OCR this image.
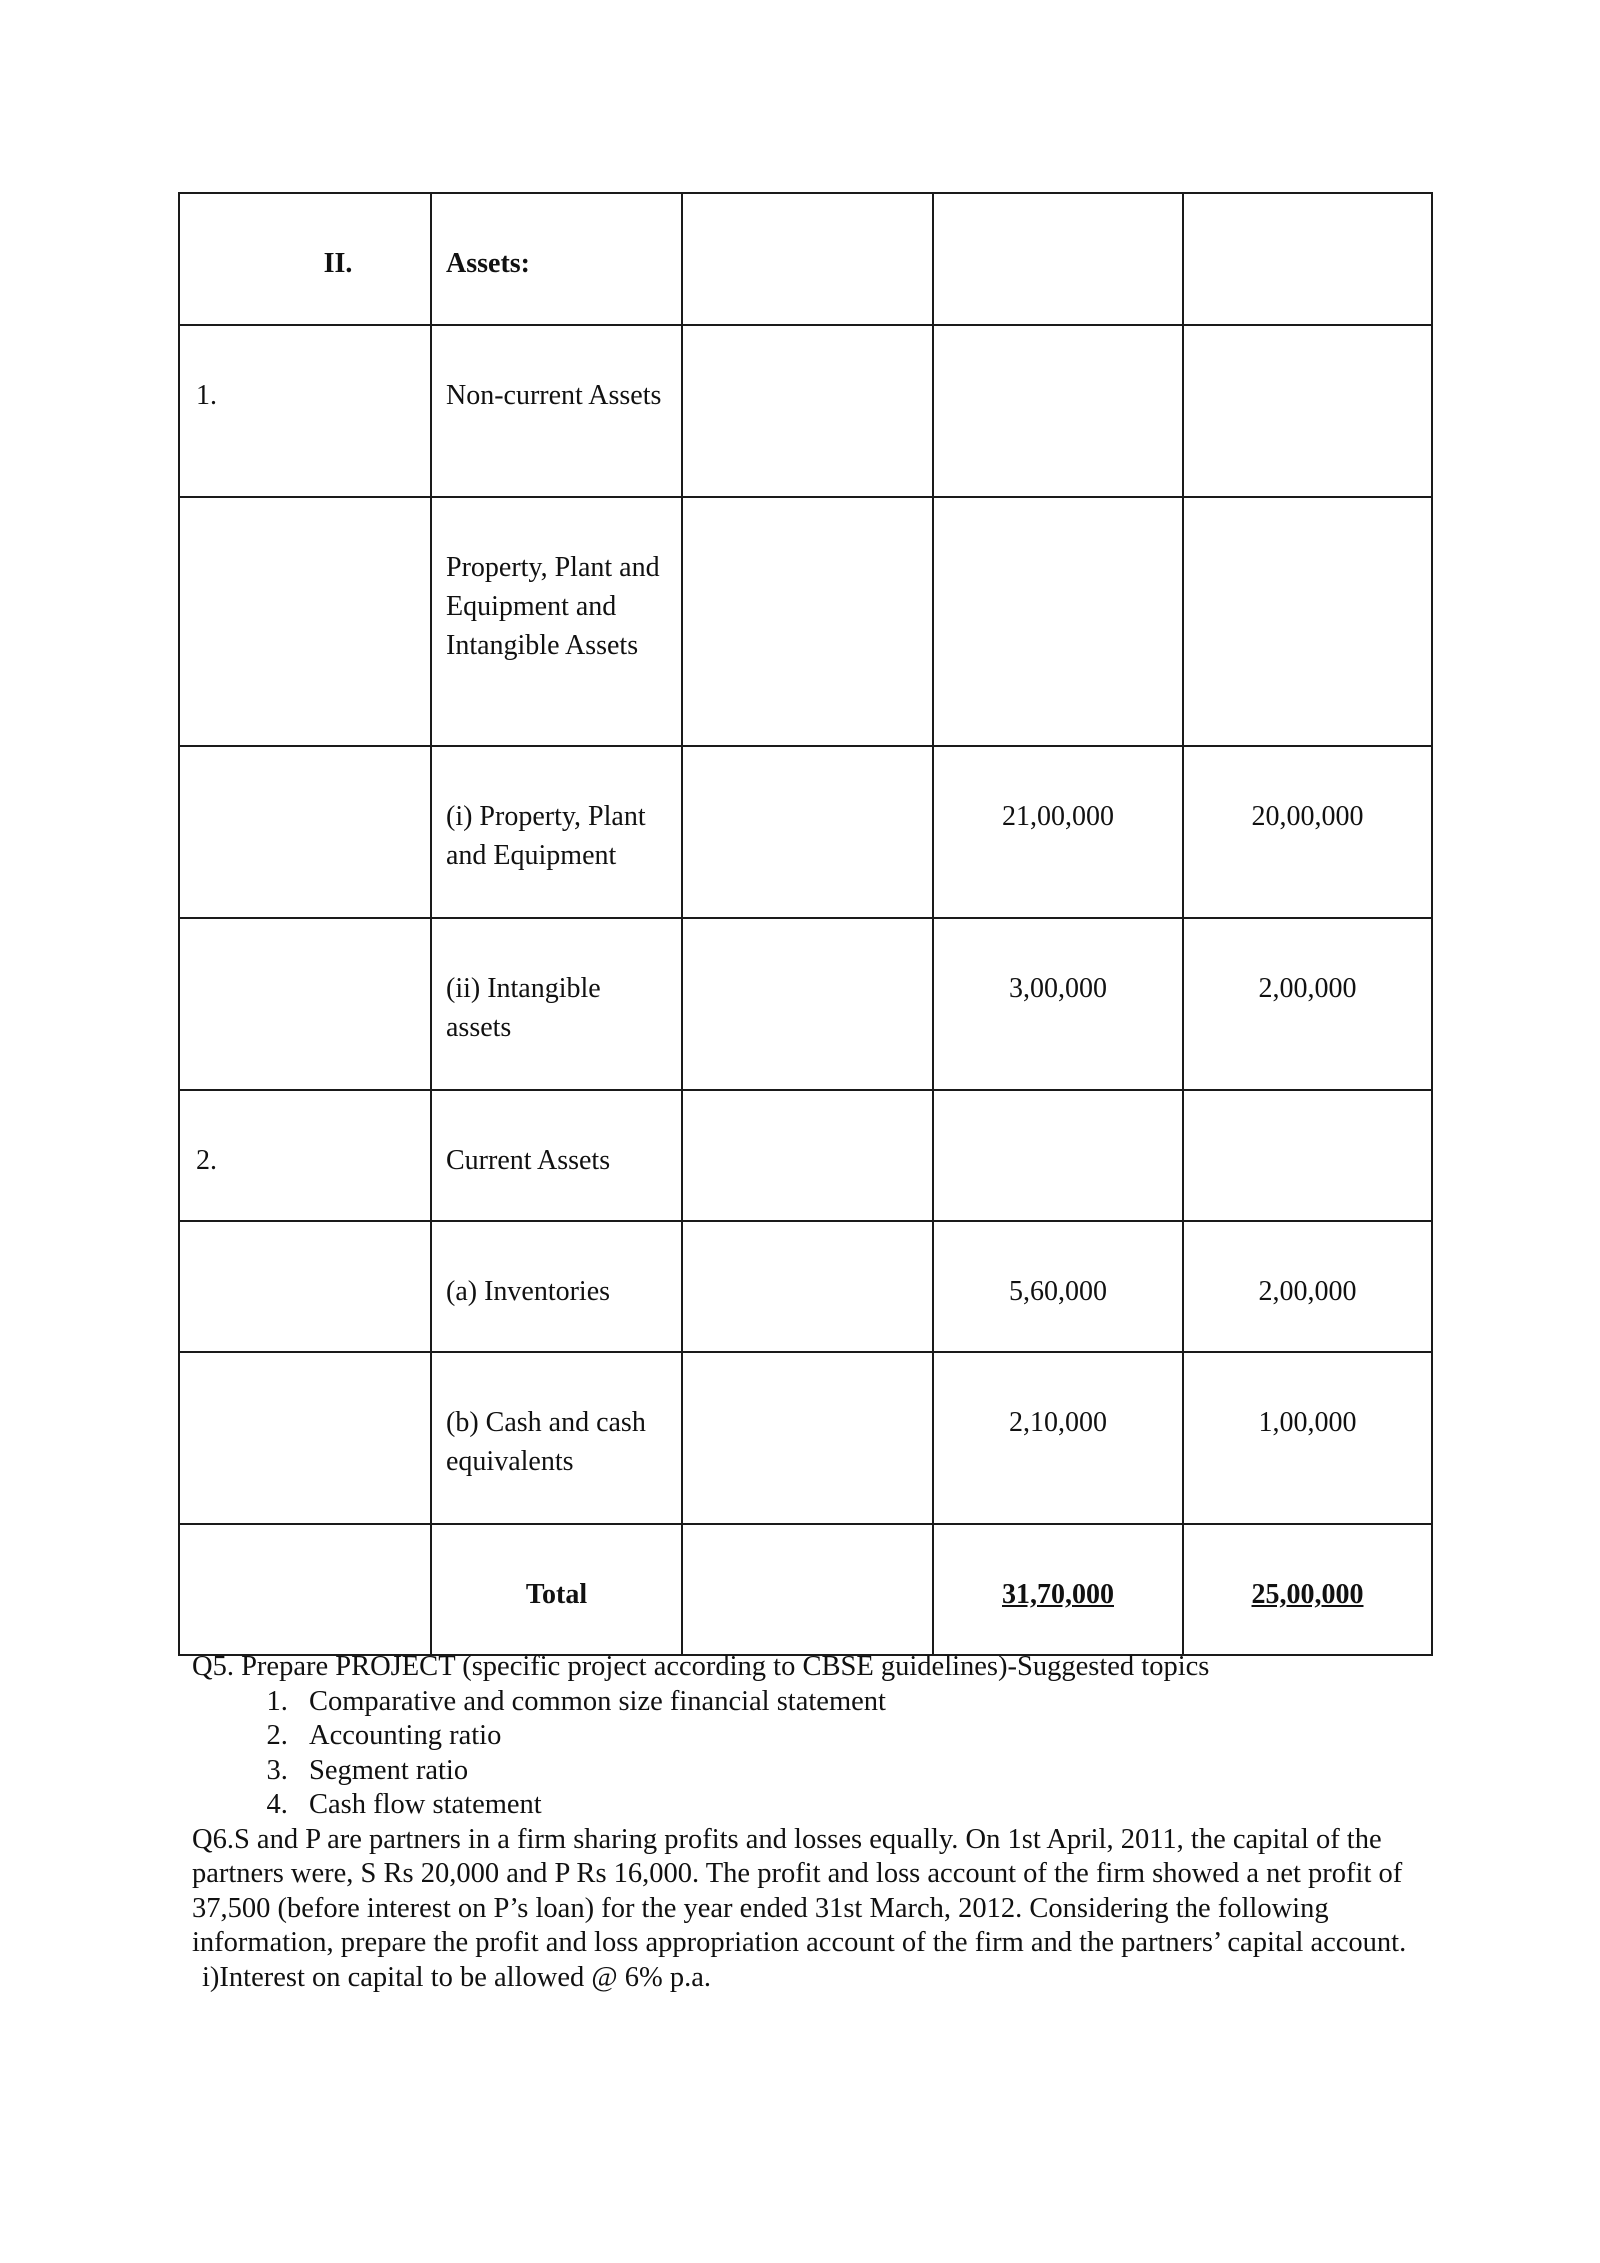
II.	Assets:			

1.	Non-current Assets			

	Property, Plant and Equipment and Intangible Assets			

	(i) Property, Plant and Equipment		21,00,000	20,00,000

	(ii) Intangible assets		3,00,000	2,00,000

2.	Current Assets			

	(a) Inventories		5,60,000	2,00,000

	(b) Cash and cash equivalents		2,10,000	1,00,000

	Total		31,70,000	25,00,000

Q5. Prepare PROJECT (specific project according to CBSE guidelines)-Suggested topics

1. Comparative and common size financial statement
2. Accounting ratio
3. Segment ratio
4. Cash flow statement

Q6.S and P are partners in a firm sharing profits and losses equally. On 1st April, 2011, the capital of the partners were, S Rs 20,000 and P Rs 16,000. The profit and loss account of the firm showed a net profit of 37,500 (before interest on P’s loan) for the year ended 31st March, 2012. Considering the following information, prepare the profit and loss appropriation account of the firm and the partners’ capital account.

i)Interest on capital to be allowed @ 6% p.a.
